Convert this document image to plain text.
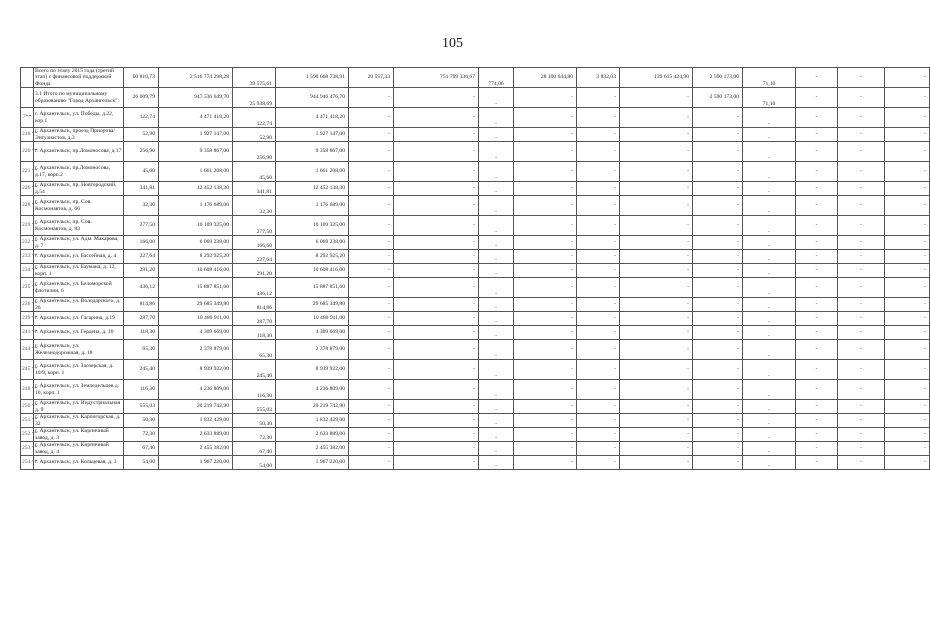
105
	Всего по этапу 2015 года (третий этап) с финансовой поддержкой Фонда	60 810,73	2 516 774 298,28	39 575,61	1 590 668 738,91	20 557,33	751 799 336,67	774,06	28 100 644,80	3 832,03	139 615 424,90	2 590 173,00	71,10	-	-	-
	3.1 Итого по муниципальному образованию "Город Архангельск":	26 009,79	947 536 649,70	25 938,69	944 946 476,70	-	-	-	-	-	-	2 590 173,00	71,10	-	-	-
7**	г. Архангельск, ул. Победы, д.22, кор.1	122,74	4 471 418,20	122,74	4 471 418,20	-	-	-	-	-	-	-	-	-	-	-
216 **	г. Архангельск, проезд Приорова/Энтузиастов, д.3	52,90	1 927 147,00	52,90	1 927 147,00	-	-	-	-	-	-	-	-	-	-	-
220 **	г. Архангельск, пр.Ломоносова, д.17	256,90	9 358 867,00	256,90	9 358 867,00	-	-	-	-	-	-	-	-	-	-	-
221 **	г. Архангельск, пр.Ломоносова, д.17, корп.2	45,60	1 661 208,00	45,60	1 661 208,00	-	-	-	-	-	-	-	-	-	-	-
226 **	г. Архангельск, пр. Новгородский, д.54	341,81	12 452 138,30	341,81	12 452 138,30	-	-	-	-	-	-	-	-	-	-	-
228 **	г. Архангельск, пр. Сов. Космонавтов, д. 66	32,30	1 176 689,00	32,30	1 176 689,00	-	-	-	-	-	-	-	-	-	-	-
229 **	г. Архангельск, пр. Сов. Космонавтов, д. 83	277,50	10 109 325,00	277,50	10 109 325,00	-	-	-	-	-	-	-	-	-	-	-
232 **	г. Архангельск, ул. Адм. Макарова, д. 7	166,00	6 069 238,00	166,60	6 069 238,00	-	-	-	-	-	-	-	-	-	-	-
233 **	г. Архангельск, ул. Бассейная, д. 4	227,64	8 292 925,20	227,64	8 292 925,20	-	-	-	-	-	-	-	-	-	-	-
234 **	г. Архангельск, ул. Баумана, д. 12, корп. 1	291,20	10 608 416,00	291,20	10 608 416,00	-	-	-	-	-	-	-	-	-	-	-
235 **	г. Архангельск, ул. Беломорской флотилии, 6	436,12	15 887 851,60	436,12	15 887 851,60	-	-	-	-	-	-	-	-	-	-	-
236 **	г. Архангельск, ул. Володарского, д. 26	814,86	29 685 349,80	814,86	29 685 349,80	-	-	-	-	-	-	-	-	-	-	-
239 **	г. Архангельск, ул. Гагарина, д.19	287,70	10 480 911,00	287,70	10 480 911,00	-	-	-	-	-	-	-	-	-	-	-
241 **	г. Архангельск, ул. Гердена, д. 10	118,30	4 309 669,00	118,30	4 309 669,00	-	-	-	-	-	-	-	-	-	-	-
244 **	г. Архангельск, ул. Железнодорожная, д. 18	65,30	2 378 879,00	65,30	2 378 879,00	-	-	-	-	-	-	-	-	-	-	-
245 **	г. Архангельск, ул. Заозерская, д. 10/9, корп. 1	245,40	8 939 922,00	245,40	8 939 922,00	-	-	-	-	-	-	-	-	-	-	-
248 **	г. Архангельск, ул. Земледельцев д. 10, корп. 1	116,30	4 236 809,00	116,30	4 236 809,00	-	-	-	-	-	-	-	-	-	-	-
250 **	г. Архангельск, ул. Индустриальная д. 9	555,03	20 219 742,90	555,03	20 219 742,90	-	-	-	-	-	-	-	-	-	-	-
251 **	г. Архангельск, ул. Карпогорская, д. 32	50,30	1 832 429,00	50,30	1 832 429,00	-	-	-	-	-	-	-	-	-	-	-
252 **	г. Архангельск, ул. Кирпичный завод, д. 3	72,30	2 633 889,00	72,30	2 633 889,00	-	-	-	-	-	-	-	-	-	-	-
253 **	г. Архангельск, ул. Кирпичный завод, д. 4	67,40	2 455 382,00	67,40	2 455 382,00	-	-	-	-	-	-	-	-	-	-	-
254 **	г. Архангельск, ул. Кольцевая, д. 3	54,00	1 967 220,00	54,00	1 967 220,00	-	-	-	-	-	-	-	-	-	-	-
